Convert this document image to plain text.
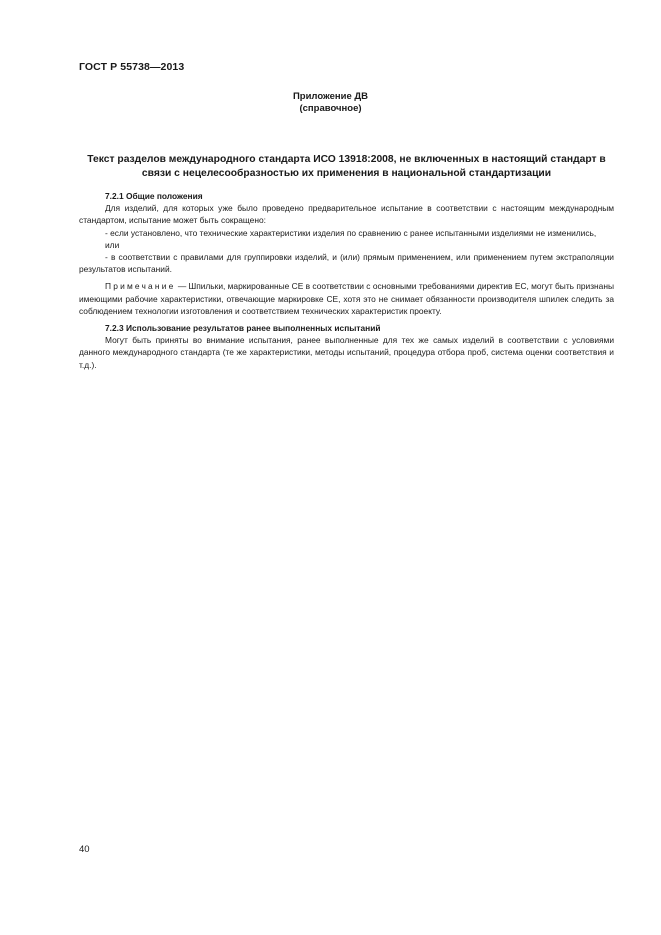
ГОСТ Р 55738—2013
Приложение ДВ
(справочное)
Текст разделов международного стандарта ИСО 13918:2008, не включенных в настоящий стандарт в связи с нецелесообразностью их применения в национальной стандартизации

7.2.1 Общие положения

Для изделий, для которых уже было проведено предварительное испытание в соответствии с настоящим международным стандартом, испытание может быть сокращено:

- если установлено, что технические характеристики изделия по сравнению с ранее испытанными изделиями не изменились,

или

- в соответствии с правилами для группировки изделий, и (или) прямым применением, или применением путем экстраполяции результатов испытаний.

Примечание — Шпильки, маркированные СЕ в соответствии с основными требованиями директив ЕС, могут быть признаны имеющими рабочие характеристики, отвечающие маркировке СЕ, хотя это не снимает обязанности производителя шпилек следить за соблюдением технологии изготовления и соответствием технических характеристик проекту.

7.2.3 Использование результатов ранее выполненных испытаний

Могут быть приняты во внимание испытания, ранее выполненные для тех же самых изделий в соответствии с условиями данного международного стандарта (те же характеристики, методы испытаний, процедура отбора проб, система оценки соответствия и т.д.).

40
